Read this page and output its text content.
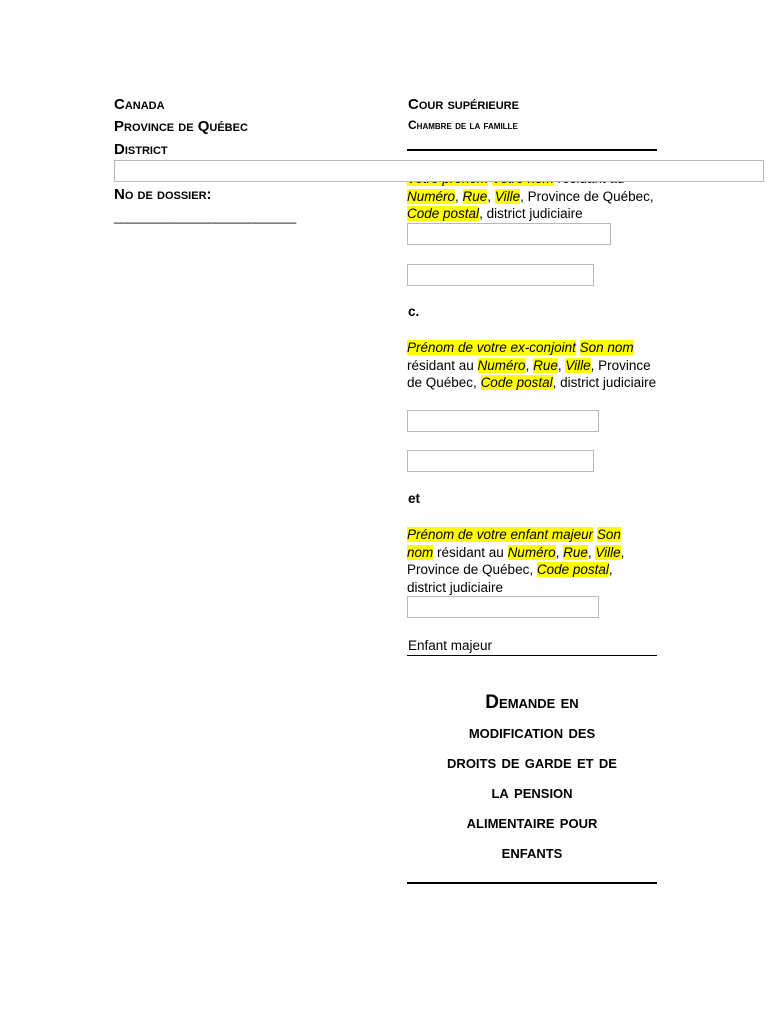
Canada
Province de Québec
District
No de dossier:
___________________________
Cour supérieure
Chambre de la famille

Numéro, Rue, Ville, Province de Québec, Code postal, district judiciaire
c.
Prénom de votre ex-conjoint Son nom
résidant au Numéro, Rue, Ville, Province de Québec, Code postal, district judiciaire
et
Prénom de votre enfant majeur Son nom résidant au Numéro, Rue, Ville, Province de Québec, Code postal, district judiciaire
Enfant majeur
Demande en
modification des
droits de garde et de
la pension
alimentaire pour
enfants
